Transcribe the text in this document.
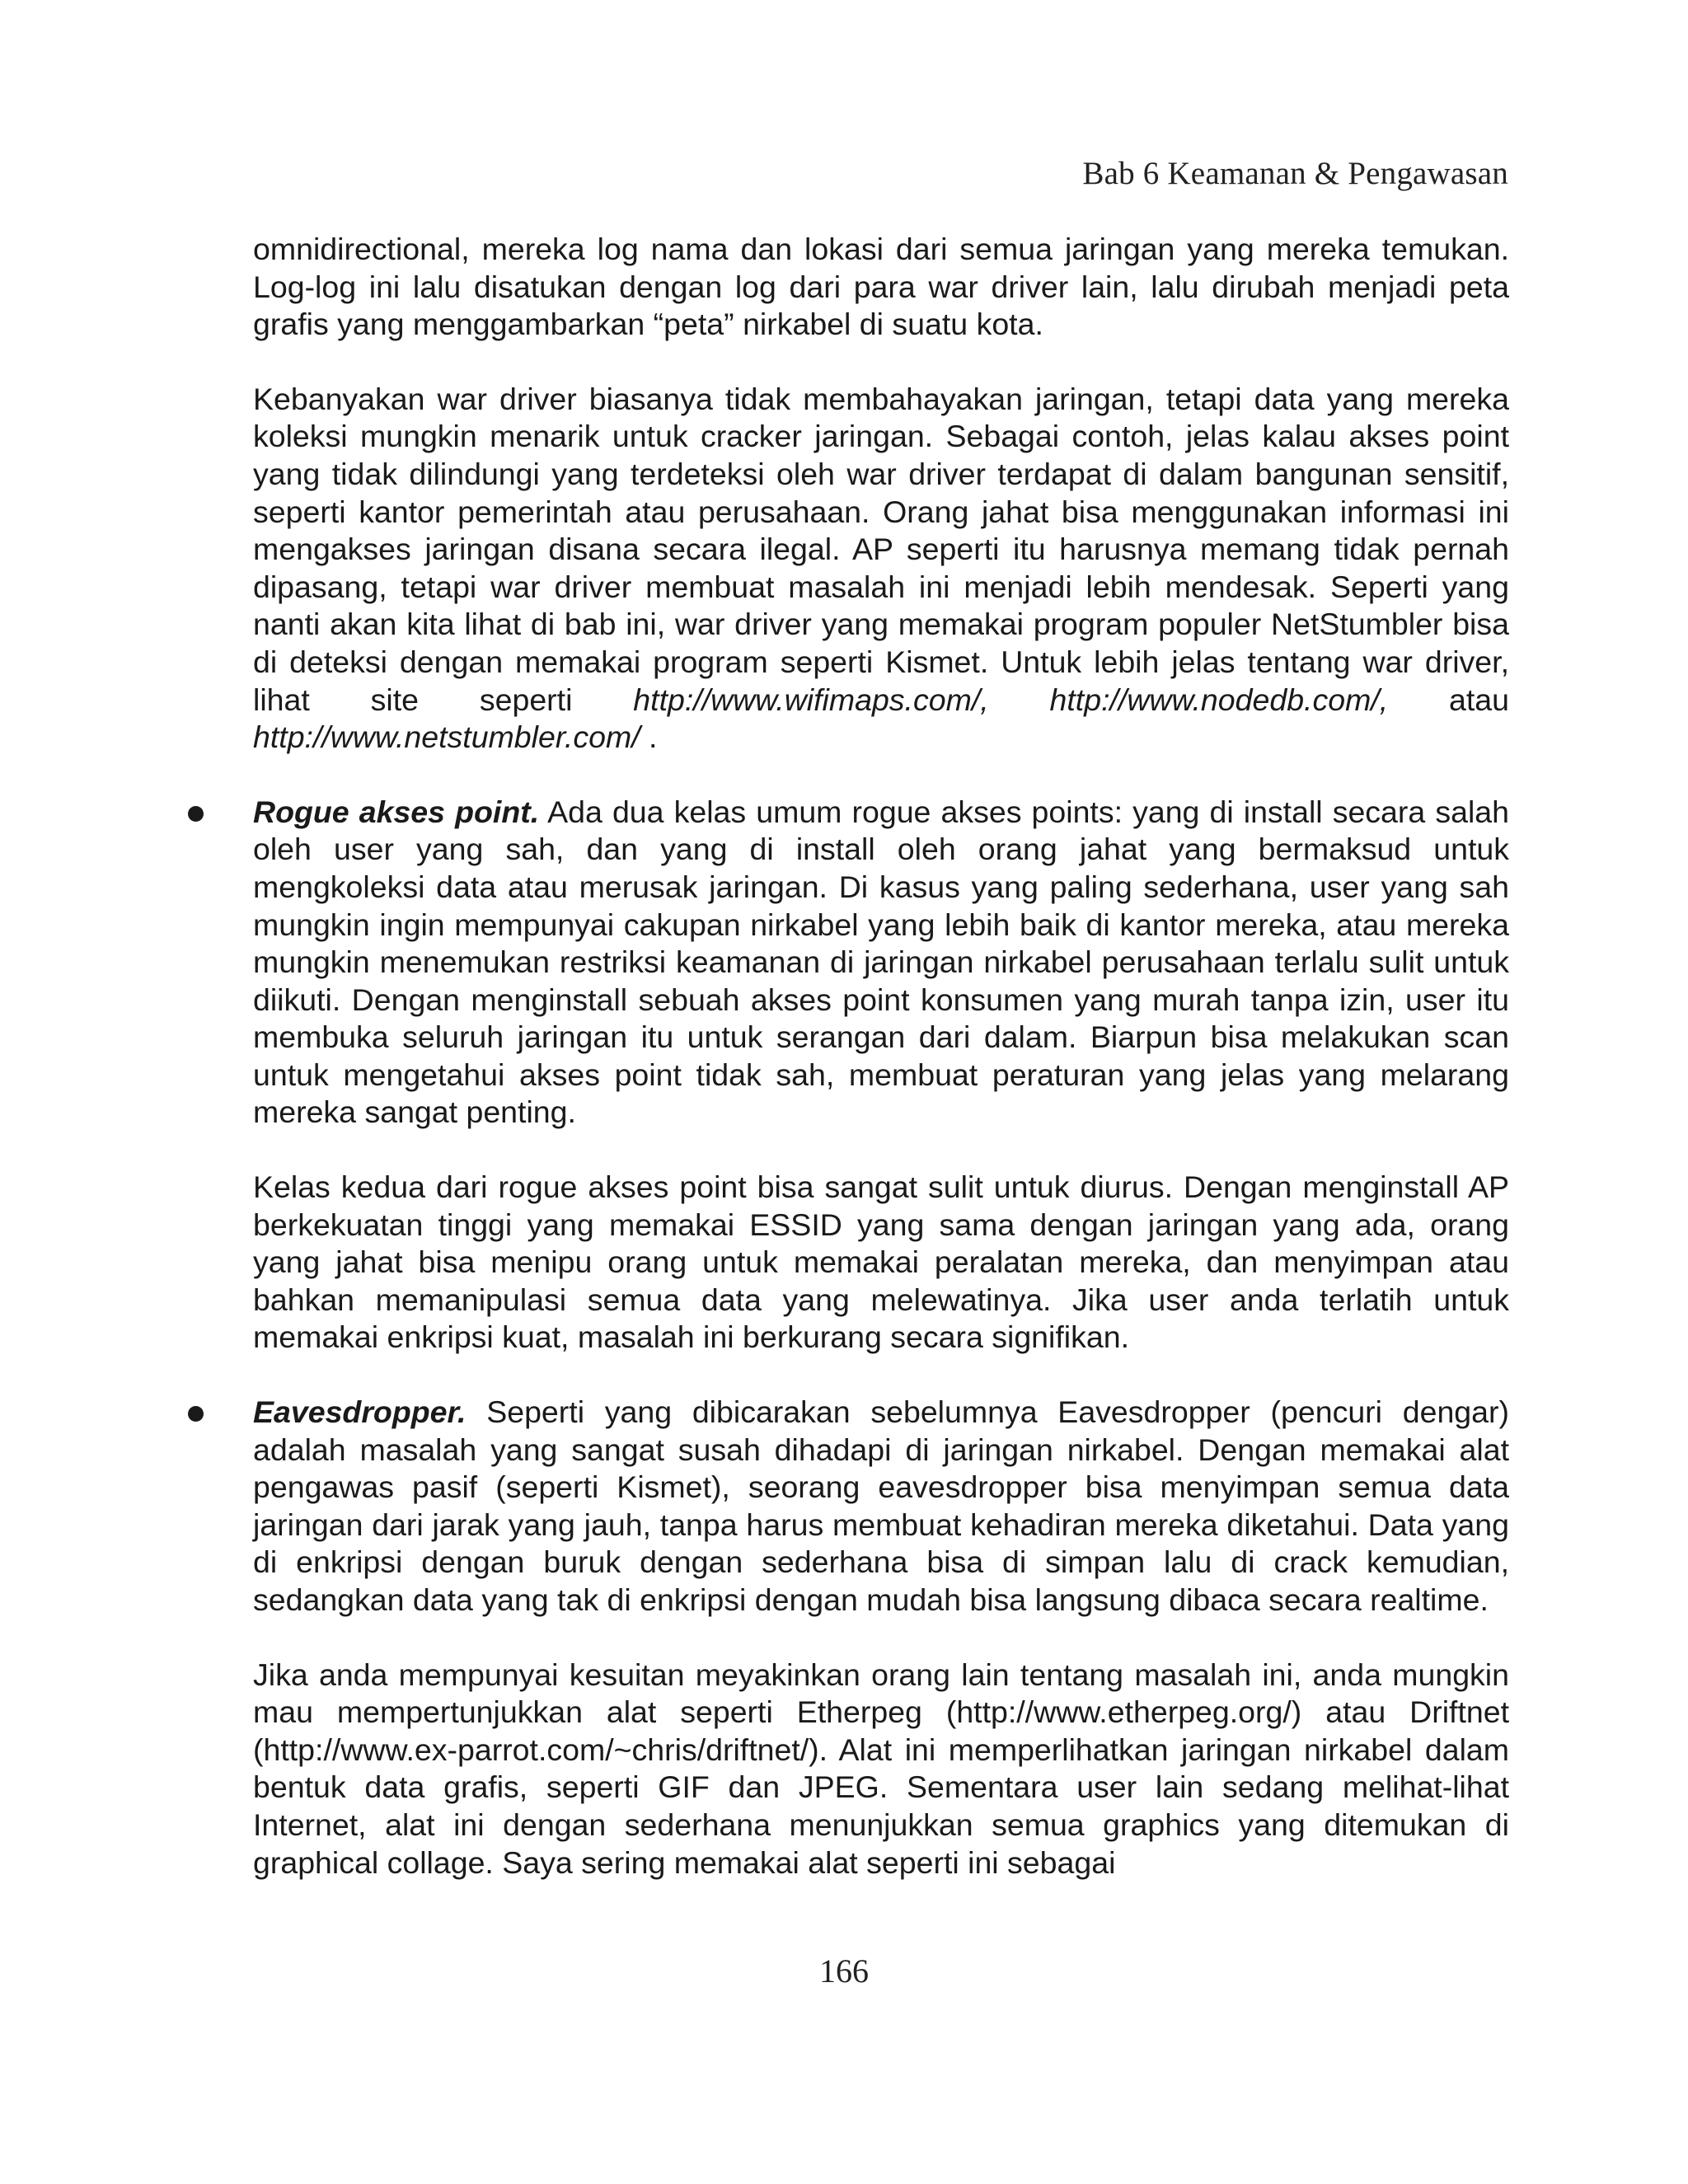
Bab 6 Keamanan & Pengawasan

omnidirectional, mereka log nama dan lokasi dari semua jaringan yang mereka temukan. Log-log ini lalu disatukan dengan log dari para war driver lain, lalu dirubah menjadi peta grafis yang menggambarkan “peta” nirkabel di suatu kota.

Kebanyakan war driver biasanya tidak membahayakan jaringan, tetapi data yang mereka koleksi mungkin menarik untuk cracker jaringan. Sebagai contoh, jelas kalau akses point yang tidak dilindungi yang terdeteksi oleh war driver terdapat di dalam bangunan sensitif, seperti kantor pemerintah atau perusahaan. Orang jahat bisa menggunakan informasi ini mengakses jaringan disana secara ilegal. AP seperti itu harusnya memang tidak pernah dipasang, tetapi war driver membuat masalah ini menjadi lebih mendesak. Seperti yang nanti akan kita lihat di bab ini, war driver yang memakai program populer NetStumbler bisa di deteksi dengan memakai program seperti Kismet. Untuk lebih jelas tentang war driver, lihat site seperti http://www.wifimaps.com/, http://www.nodedb.com/, atau http://www.netstumbler.com/ .

Rogue akses point. Ada dua kelas umum rogue akses points: yang di install secara salah oleh user yang sah, dan yang di install oleh orang jahat yang bermaksud untuk mengkoleksi data atau merusak jaringan. Di kasus yang paling sederhana, user yang sah mungkin ingin mempunyai cakupan nirkabel yang lebih baik di kantor mereka, atau mereka mungkin menemukan restriksi keamanan di jaringan nirkabel perusahaan terlalu sulit untuk diikuti. Dengan menginstall sebuah akses point konsumen yang murah tanpa izin, user itu membuka seluruh jaringan itu untuk serangan dari dalam. Biarpun bisa melakukan scan untuk mengetahui akses point tidak sah, membuat peraturan yang jelas yang melarang mereka sangat penting.

Kelas kedua dari rogue akses point bisa sangat sulit untuk diurus. Dengan menginstall AP berkekuatan tinggi yang memakai ESSID yang sama dengan jaringan yang ada, orang yang jahat bisa menipu orang untuk memakai peralatan mereka, dan menyimpan atau bahkan memanipulasi semua data yang melewatinya. Jika user anda terlatih untuk memakai enkripsi kuat, masalah ini berkurang secara signifikan.

Eavesdropper. Seperti yang dibicarakan sebelumnya Eavesdropper (pencuri dengar) adalah masalah yang sangat susah dihadapi di jaringan nirkabel. Dengan memakai alat pengawas pasif (seperti Kismet), seorang eavesdropper bisa menyimpan semua data jaringan dari jarak yang jauh, tanpa harus membuat kehadiran mereka diketahui. Data yang di enkripsi dengan buruk dengan sederhana bisa di simpan lalu di crack kemudian, sedangkan data yang tak di enkripsi dengan mudah bisa langsung dibaca secara realtime.

Jika anda mempunyai kesuitan meyakinkan orang lain tentang masalah ini, anda mungkin mau mempertunjukkan alat seperti Etherpeg (http://www.etherpeg.org/) atau Driftnet (http://www.ex-parrot.com/~chris/driftnet/). Alat ini memperlihatkan jaringan nirkabel dalam bentuk data grafis, seperti GIF dan JPEG. Sementara user lain sedang melihat-lihat Internet, alat ini dengan sederhana menunjukkan semua graphics yang ditemukan di graphical collage. Saya sering memakai alat seperti ini sebagai

166
